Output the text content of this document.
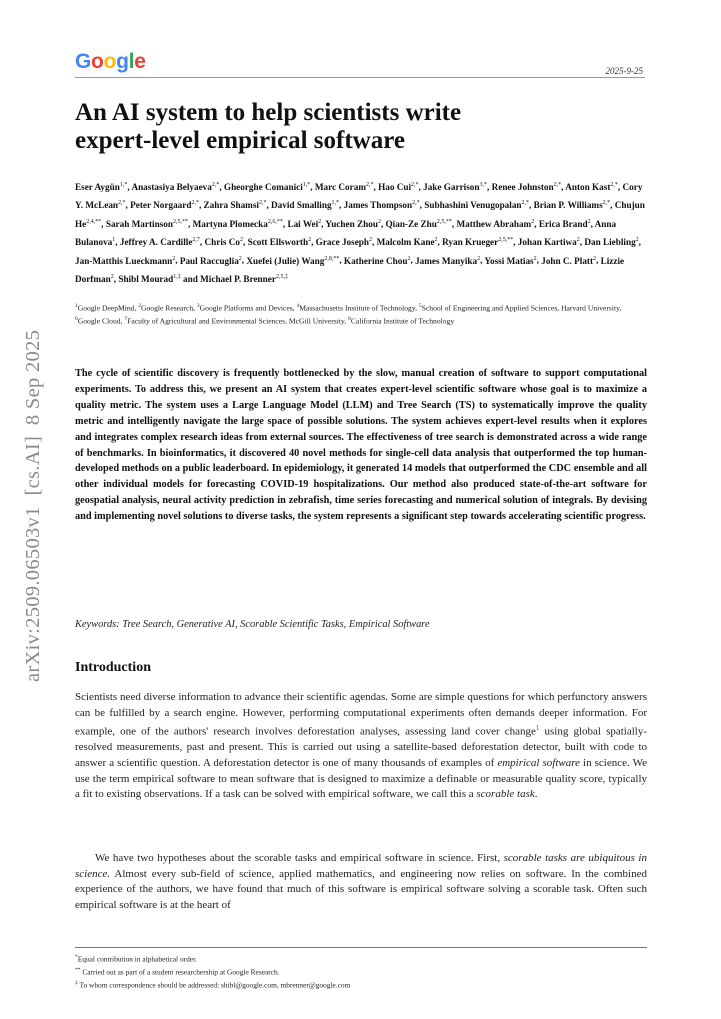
arXiv:2509.06503v1  [cs.AI]  8 Sep 2025
Google	2025-9-25
An AI system to help scientists write
expert-level empirical software
Eser Aygün$^{1,*}$, Anastasiya Belyaeva$^{2,*}$, Gheorghe Comanici$^{1,*}$, Marc Coram$^{2,*}$, Hao Cui$^{2,*}$, Jake Garrison$^{3,*}$, Renee Johnston$^{2,*}$, Anton Kast$^{2,*}$, Cory Y. McLean$^{2,*}$, Peter Norgaard$^{2,*}$, Zahra Shamsi$^{2,*}$, David Smalling$^{1,*}$, James Thompson$^{2,*}$, Subhashini Venugopalan$^{2,*}$, Brian P. Williams$^{2,*}$, Chujun $He^{2,4,**}$, Sarah Martinson$^{2,5,**}$, Martyna Plomecka$^{2,6,**}$, Lai Wei$^2$, Yuchen Zhou$^2$, Qian-Ze Zhu$^{2,5,**}$, Matthew Abraham$^2$, Erica Brand$^2$, Anna Bulanova$^1$, Jeffrey A. Cardille$^{2,7}$, Chris Co$^2$, Scott Ellsworth$^2$, Grace Joseph$^2$, Malcolm Kane$^2$, Ryan Krueger$^{2,5,**}$, Johan Kartiwa$^2$, Dan Liebling$^2$, Jan-Matthis Lueckmann$^2$, Paul Raccuglia$^2$, Xuefei (Julie) Wang$^{2,8,**}$, Katherine Chou$^2$, James Manyika$^2$, Yossi Matias$^2$, John C. Platt$^2$, Lizzie Dorfman$^2$, Shibl Mourad$^{1,\ddagger}$ and Michael P. Brenner$^{2,5,\ddagger}$
$^1$Google DeepMind, $^2$Google Research, $^3$Google Platforms and Devices, $^4$Massachusetts Institute of Technology, $^5$School of Engineering and Applied Sciences, Harvard University, $^6$Google Cloud, $^7$Faculty of Agricultural and Environmental Sciences, McGill University, $^8$California Institute of Technology
The cycle of scientific discovery is frequently bottlenecked by the slow, manual creation of software to support computational experiments. To address this, we present an AI system that creates expert-level scientific software whose goal is to maximize a quality metric. The system uses a Large Language Model (LLM) and Tree Search (TS) to systematically improve the quality metric and intelligently navigate the large space of possible solutions. The system achieves expert-level results when it explores and integrates complex research ideas from external sources. The effectiveness of tree search is demonstrated across a wide range of benchmarks. In bioinformatics, it discovered 40 novel methods for single-cell data analysis that outperformed the top human-developed methods on a public leaderboard. In epidemiology, it generated 14 models that outperformed the CDC ensemble and all other individual models for forecasting COVID-19 hospitalizations. Our method also produced state-of-the-art software for geospatial analysis, neural activity prediction in zebrafish, time series forecasting and numerical solution of integrals. By devising and implementing novel solutions to diverse tasks, the system represents a significant step towards accelerating scientific progress.
Keywords: Tree Search, Generative AI, Scorable Scientific Tasks, Empirical Software
Introduction
Scientists need diverse information to advance their scientific agendas. Some are simple questions for which perfunctory answers can be fulfilled by a search engine. However, performing computational experiments often demands deeper information. For example, one of the authors' research involves deforestation analyses, assessing land cover change$^1$ using global spatially-resolved measurements, past and present. This is carried out using a satellite-based deforestation detector, built with code to answer a scientific question. A deforestation detector is one of many thousands of examples of empirical software in science. We use the term empirical software to mean software that is designed to maximize a definable or measurable quality score, typically a fit to existing observations. If a task can be solved with empirical software, we call this a scorable task.
We have two hypotheses about the scorable tasks and empirical software in science. First, scorable tasks are ubiquitous in science. Almost every sub-field of science, applied mathematics, and engineering now relies on software. In the combined experience of the authors, we have found that much of this software is empirical software solving a scorable task. Often such empirical software is at the heart of
*Equal contribution in alphabetical order.
** Carried out as part of a student researchership at Google Research.
‡ To whom correspondence should be addressed: shibl@google.com, mbrenner@google.com
